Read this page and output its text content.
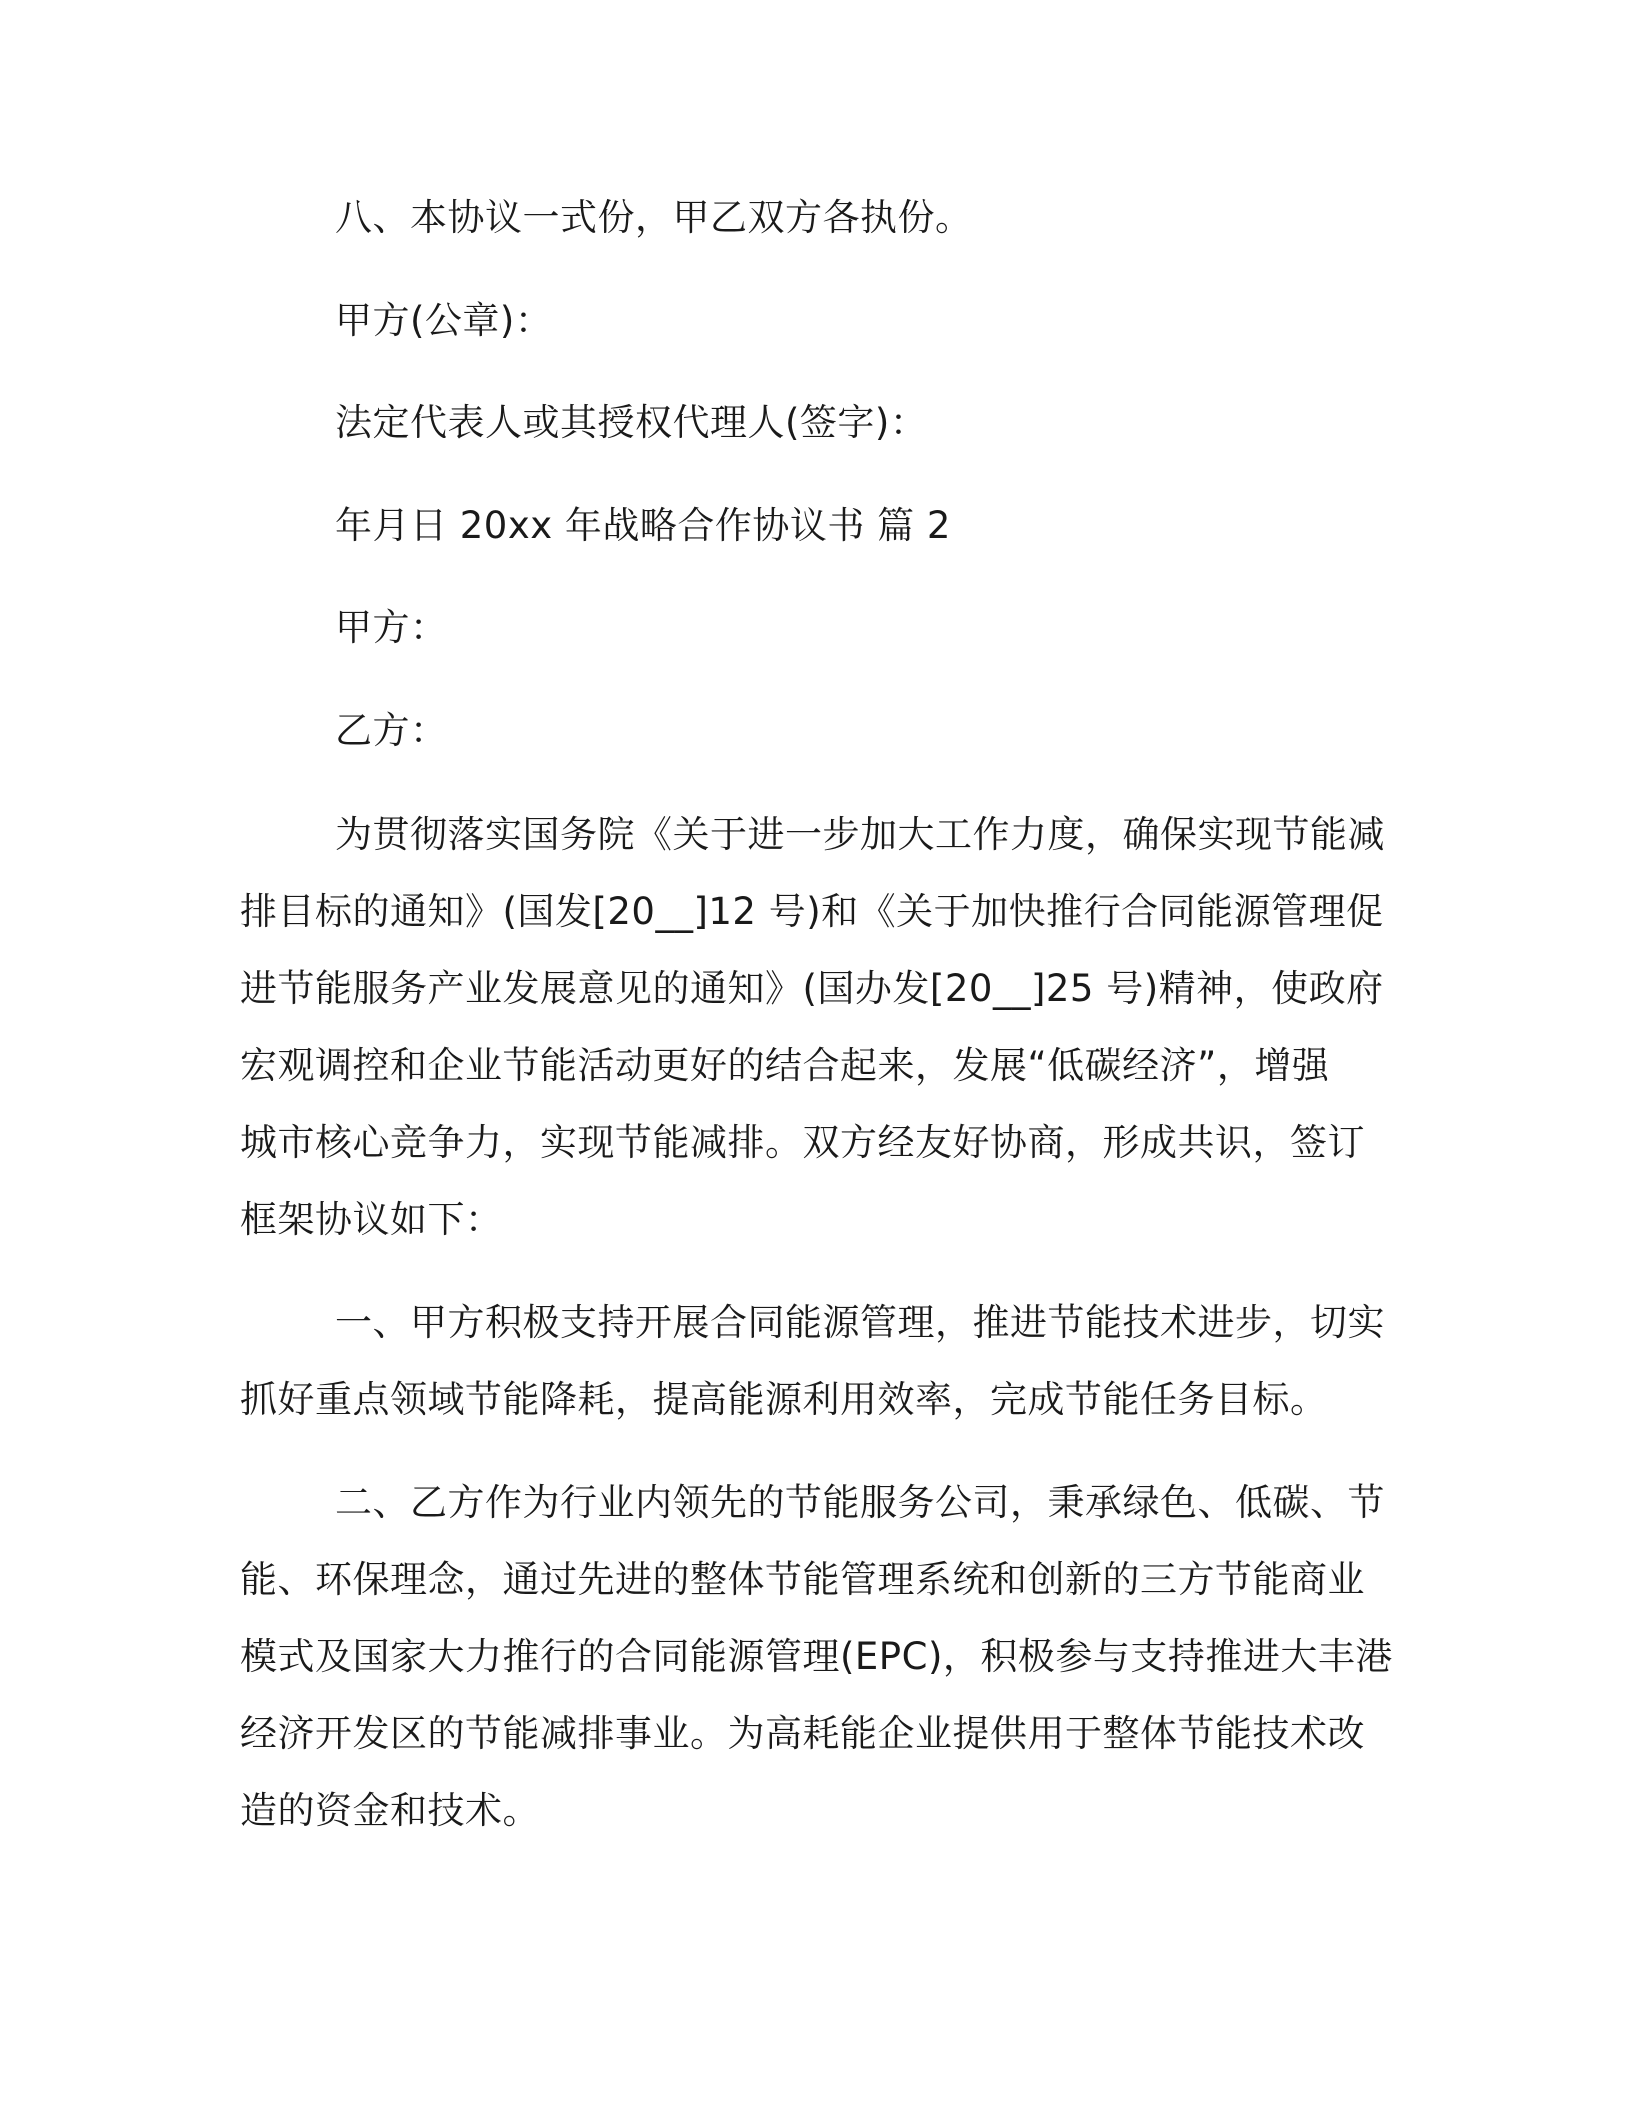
八、本协议一式份，甲乙双方各执份。
甲方(公章)：
法定代表人或其授权代理人(签字)：
年月日 20xx 年战略合作协议书 篇 2
甲方：
乙方：
为贯彻落实国务院《关于进一步加大工作力度，确保实现节能减
排目标的通知》(国发[20__]12 号)和《关于加快推行合同能源管理促
进节能服务产业发展意见的通知》(国办发[20__]25 号)精神，使政府
宏观调控和企业节能活动更好的结合起来，发展“低碳经济”，增强
城市核心竞争力，实现节能减排。双方经友好协商，形成共识，签订
框架协议如下：
一、甲方积极支持开展合同能源管理，推进节能技术进步，切实
抓好重点领域节能降耗，提高能源利用效率，完成节能任务目标。
二、乙方作为行业内领先的节能服务公司，秉承绿色、低碳、节
能、环保理念，通过先进的整体节能管理系统和创新的三方节能商业
模式及国家大力推行的合同能源管理(EPC)，积极参与支持推进大丰港
经济开发区的节能减排事业。为高耗能企业提供用于整体节能技术改
造的资金和技术。
